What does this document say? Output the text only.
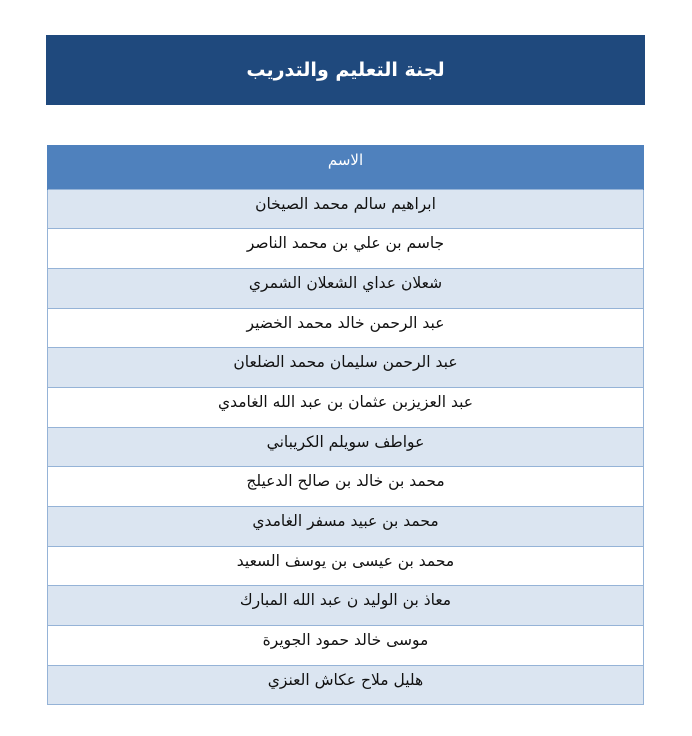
لجنة التعليم والتدريب
الاسم
ابراهيم سالم محمد الصيخان
جاسم بن علي بن محمد الناصر
شعلان عداي الشعلان الشمري
عبد الرحمن خالد محمد الخضير
عبد الرحمن سليمان محمد الضلعان
عبد العزيزبن عثمان بن عبد الله الغامدي
عواطف سويلم الكريباني
محمد بن خالد بن صالح الدعيلج
محمد بن عبيد مسفر الغامدي
محمد بن عيسى بن يوسف السعيد
معاذ بن الوليد ن عبد الله المبارك
موسى خالد حمود الجويرة
هليل ملاح عكاش العنزي
